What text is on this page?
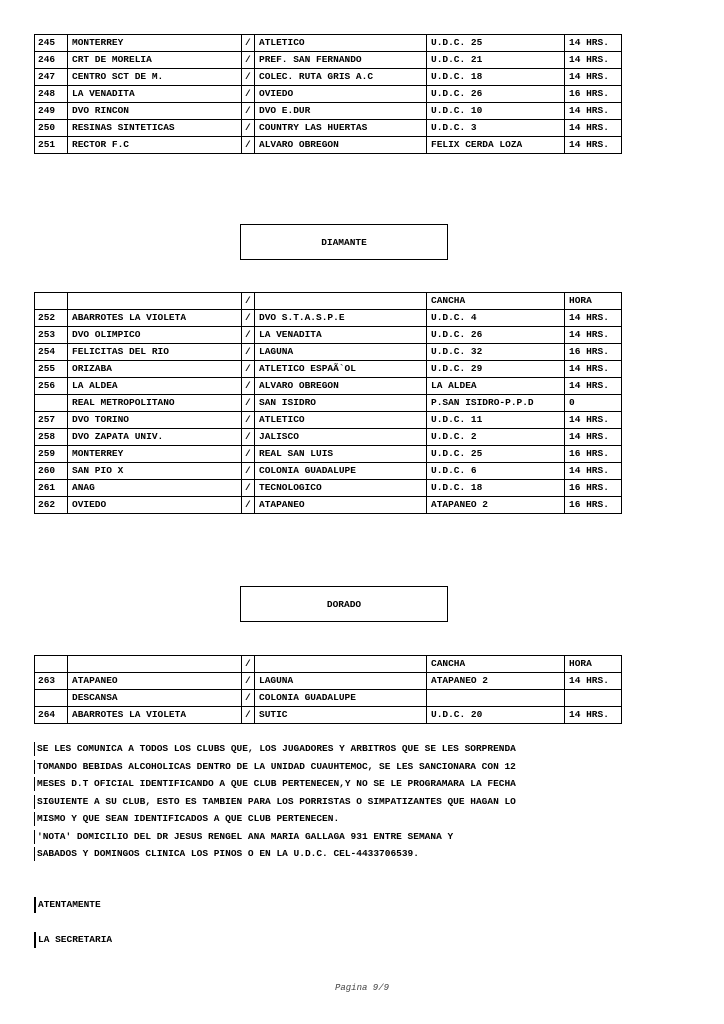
245	MONTERREY	/	ATLETICO	U.D.C. 25	14 HRS.
246	CRT DE MORELIA	/	PREF. SAN FERNANDO	U.D.C. 21	14 HRS.
247	CENTRO SCT DE M.	/	COLEC. RUTA GRIS A.C	U.D.C. 18	14 HRS.
248	LA VENADITA	/	OVIEDO	U.D.C. 26	16 HRS.
249	DVO RINCON	/	DVO E.DUR	U.D.C. 10	14 HRS.
250	RESINAS SINTETICAS	/	COUNTRY LAS HUERTAS	U.D.C. 3	14 HRS.
251	RECTOR F.C	/	ALVARO OBREGON	FELIX CERDA LOZA	14 HRS.
DIAMANTE
		/		CANCHA	HORA
252	ABARROTES LA VIOLETA	/	DVO S.T.A.S.P.E	U.D.C. 4	14 HRS.
253	DVO OLIMPICO	/	LA VENADITA	U.D.C. 26	14 HRS.
254	FELICITAS DEL RIO	/	LAGUNA	U.D.C. 32	16 HRS.
255	ORIZABA	/	ATLETICO ESPAÃ`OL	U.D.C. 29	14 HRS.
256	LA ALDEA	/	ALVARO OBREGON	LA ALDEA	14 HRS.
	REAL METROPOLITANO	/	SAN ISIDRO	P.SAN ISIDRO-P.P.D	0
257	DVO TORINO	/	ATLETICO	U.D.C. 11	14 HRS.
258	DVO ZAPATA UNIV.	/	JALISCO	U.D.C. 2	14 HRS.
259	MONTERREY	/	REAL SAN LUIS	U.D.C. 25	16 HRS.
260	SAN PIO X	/	COLONIA GUADALUPE	U.D.C. 6	14 HRS.
261	ANAG	/	TECNOLOGICO	U.D.C. 18	16 HRS.
262	OVIEDO	/	ATAPANEO	ATAPANEO 2	16 HRS.
DORADO
		/		CANCHA	HORA
263	ATAPANEO	/	LAGUNA	ATAPANEO 2	14 HRS.
	DESCANSA	/	COLONIA GUADALUPE		
264	ABARROTES LA VIOLETA	/	SUTIC	U.D.C. 20	14 HRS.
SE LES COMUNICA A TODOS LOS CLUBS QUE, LOS JUGADORES Y ARBITROS QUE SE LES SORPRENDA
TOMANDO BEBIDAS ALCOHOLICAS DENTRO DE LA UNIDAD CUAUHTEMOC, SE LES SANCIONARA CON 12
MESES D.T OFICIAL IDENTIFICANDO A QUE CLUB PERTENECEN,Y NO SE LE PROGRAMARA LA FECHA
SIGUIENTE A SU CLUB, ESTO ES TAMBIEN PARA LOS PORRISTAS O SIMPATIZANTES QUE HAGAN LO
MISMO Y QUE SEAN IDENTIFICADOS A QUE CLUB PERTENECEN.
'NOTA' DOMICILIO DEL DR JESUS RENGEL ANA MARIA GALLAGA 931 ENTRE SEMANA Y
SABADOS Y DOMINGOS CLINICA LOS PINOS O EN LA U.D.C. CEL-4433706539.
ATENTAMENTE
LA SECRETARIA
Pagina 9/9
